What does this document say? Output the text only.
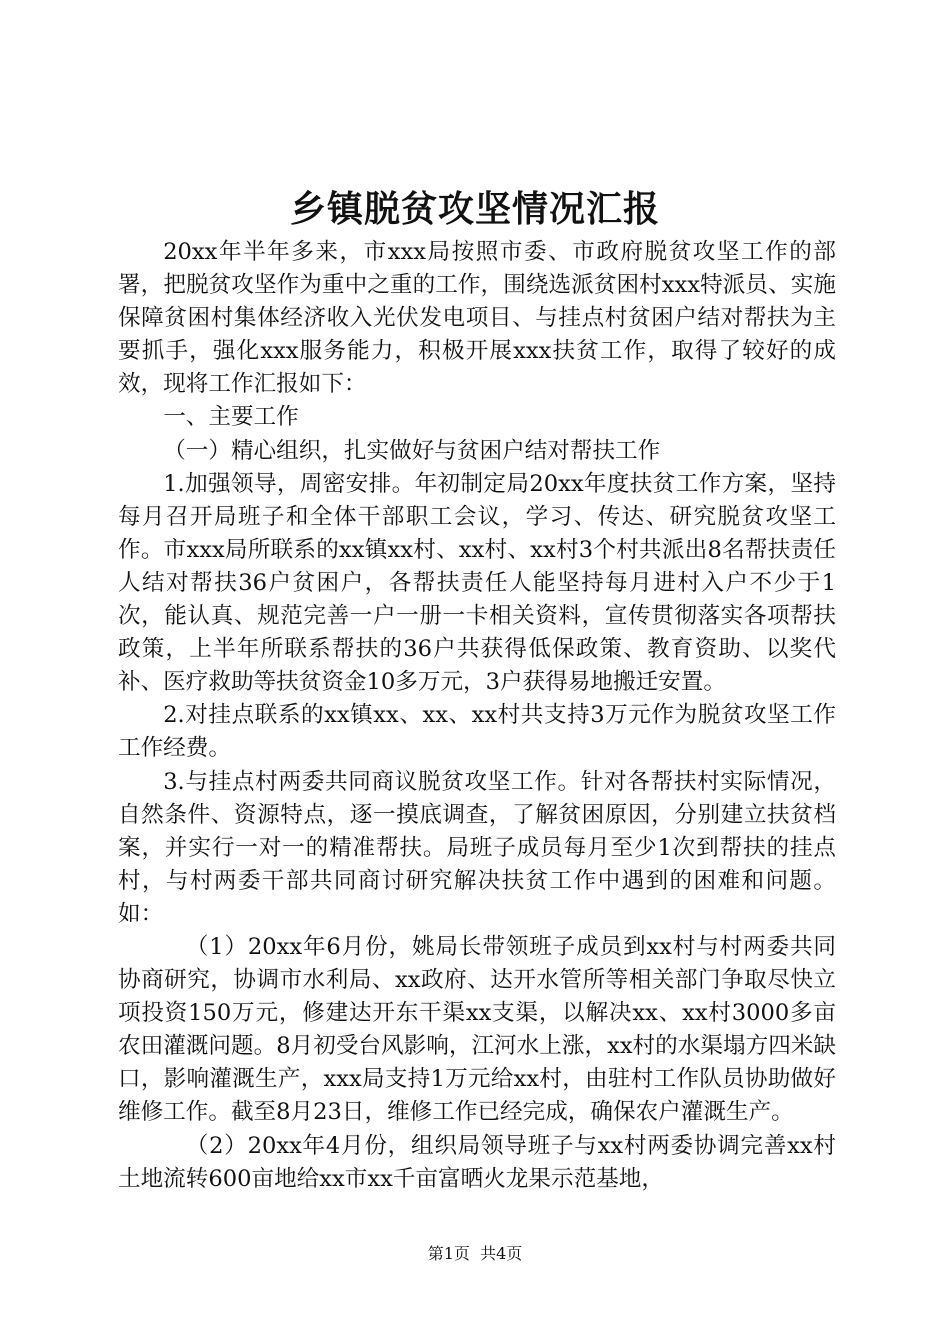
乡镇脱贫攻坚情况汇报

20xx年半年多来，市xxx局按照市委、市政府脱贫攻坚工作的部署，把脱贫攻坚作为重中之重的工作，围绕选派贫困村xxx特派员、实施保障贫困村集体经济收入光伏发电项目、与挂点村贫困户结对帮扶为主要抓手，强化xxx服务能力，积极开展xxx扶贫工作，取得了较好的成效，现将工作汇报如下：

一、主要工作

（一）精心组织，扎实做好与贫困户结对帮扶工作

1.加强领导，周密安排。年初制定局20xx年度扶贫工作方案，坚持每月召开局班子和全体干部职工会议，学习、传达、研究脱贫攻坚工作。市xxx局所联系的xx镇xx村、xx村、xx村3个村共派出8名帮扶责任人结对帮扶36户贫困户，各帮扶责任人能坚持每月进村入户不少于1次，能认真、规范完善一户一册一卡相关资料，宣传贯彻落实各项帮扶政策，上半年所联系帮扶的36户共获得低保政策、教育资助、以奖代补、医疗救助等扶贫资金10多万元，3户获得易地搬迁安置。

2.对挂点联系的xx镇xx、xx、xx村共支持3万元作为脱贫攻坚工作工作经费。

3.与挂点村两委共同商议脱贫攻坚工作。针对各帮扶村实际情况，自然条件、资源特点，逐一摸底调查，了解贫困原因，分别建立扶贫档案，并实行一对一的精准帮扶。局班子成员每月至少1次到帮扶的挂点村，与村两委干部共同商讨研究解决扶贫工作中遇到的困难和问题。如：

（1）20xx年6月份，姚局长带领班子成员到xx村与村两委共同协商研究，协调市水利局、xx政府、达开水管所等相关部门争取尽快立项投资150万元，修建达开东干渠xx支渠，以解决xx、xx村3000多亩农田灌溉问题。8月初受台风影响，江河水上涨，xx村的水渠塌方四米缺口，影响灌溉生产，xxx局支持1万元给xx村，由驻村工作队员协助做好维修工作。截至8月23日，维修工作已经完成，确保农户灌溉生产。

（2）20xx年4月份，组织局领导班子与xx村两委协调完善xx村土地流转600亩地给xx市xx千亩富晒火龙果示范基地，

第1页  共4页
